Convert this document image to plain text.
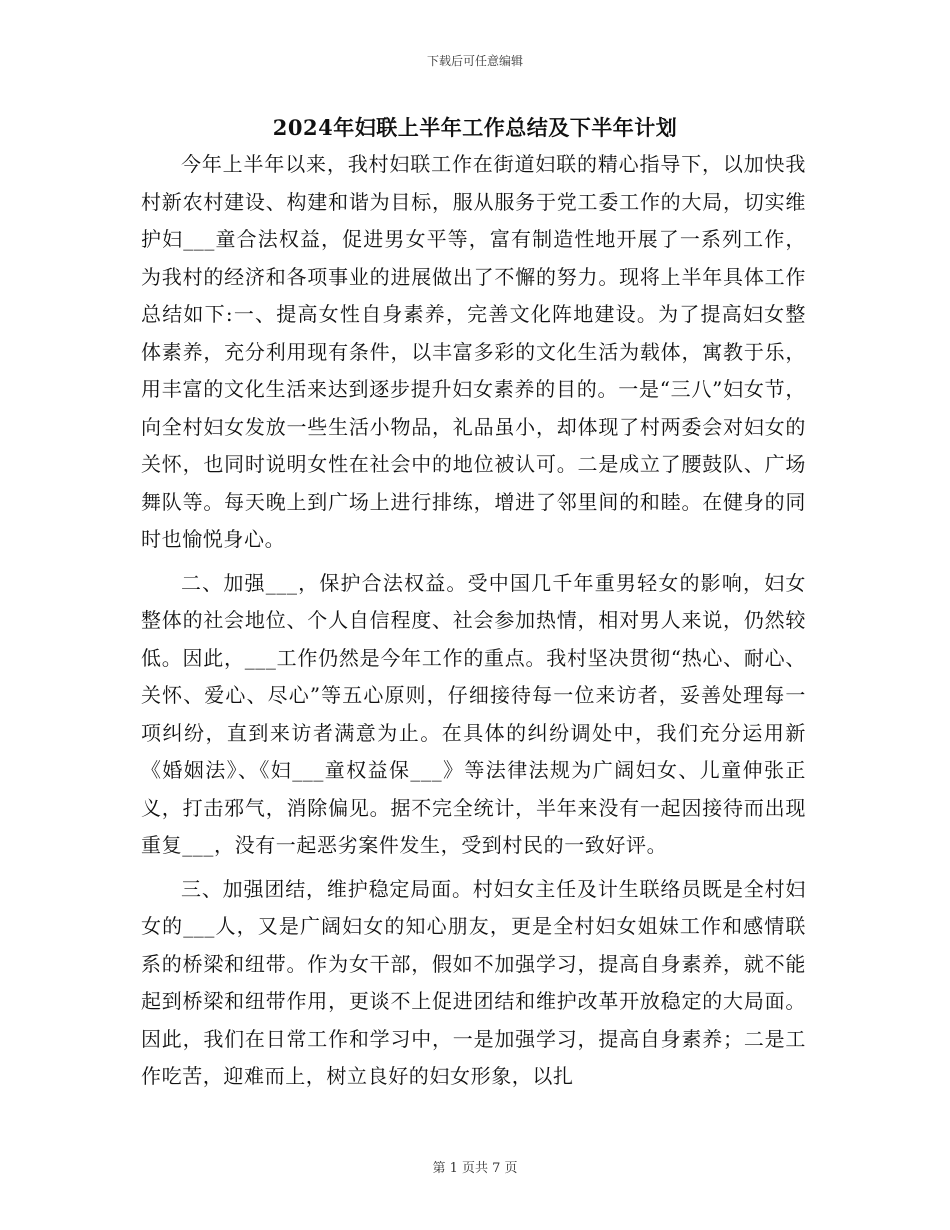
下载后可任意编辑
2024年妇联上半年工作总结及下半年计划

今年上半年以来，我村妇联工作在街道妇联的精心指导下，以加快我村新农村建设、构建和谐为目标，服从服务于党工委工作的大局，切实维护妇___童合法权益，促进男女平等，富有制造性地开展了一系列工作，为我村的经济和各项事业的进展做出了不懈的努力。现将上半年具体工作总结如下:一、提高女性自身素养，完善文化阵地建设。为了提高妇女整体素养，充分利用现有条件，以丰富多彩的文化生活为载体，寓教于乐，用丰富的文化生活来达到逐步提升妇女素养的目的。一是“三八”妇女节，向全村妇女发放一些生活小物品，礼品虽小，却体现了村两委会对妇女的关怀，也同时说明女性在社会中的地位被认可。二是成立了腰鼓队、广场舞队等。每天晚上到广场上进行排练，增进了邻里间的和睦。在健身的同时也愉悦身心。

二、加强___，保护合法权益。受中国几千年重男轻女的影响，妇女整体的社会地位、个人自信程度、社会参加热情，相对男人来说，仍然较低。因此，___工作仍然是今年工作的重点。我村坚决贯彻“热心、耐心、关怀、爱心、尽心”等五心原则，仔细接待每一位来访者，妥善处理每一项纠纷，直到来访者满意为止。在具体的纠纷调处中，我们充分运用新《婚姻法》、《妇___童权益保___》等法律法规为广阔妇女、儿童伸张正义，打击邪气，消除偏见。据不完全统计，半年来没有一起因接待而出现重复___，没有一起恶劣案件发生，受到村民的一致好评。

三、加强团结，维护稳定局面。村妇女主任及计生联络员既是全村妇女的___人，又是广阔妇女的知心朋友，更是全村妇女姐妹工作和感情联系的桥梁和纽带。作为女干部，假如不加强学习，提高自身素养，就不能起到桥梁和纽带作用，更谈不上促进团结和维护改革开放稳定的大局面。因此，我们在日常工作和学习中，一是加强学习，提高自身素养；二是工作吃苦，迎难而上，树立良好的妇女形象，以扎

第 1 页共 7 页
